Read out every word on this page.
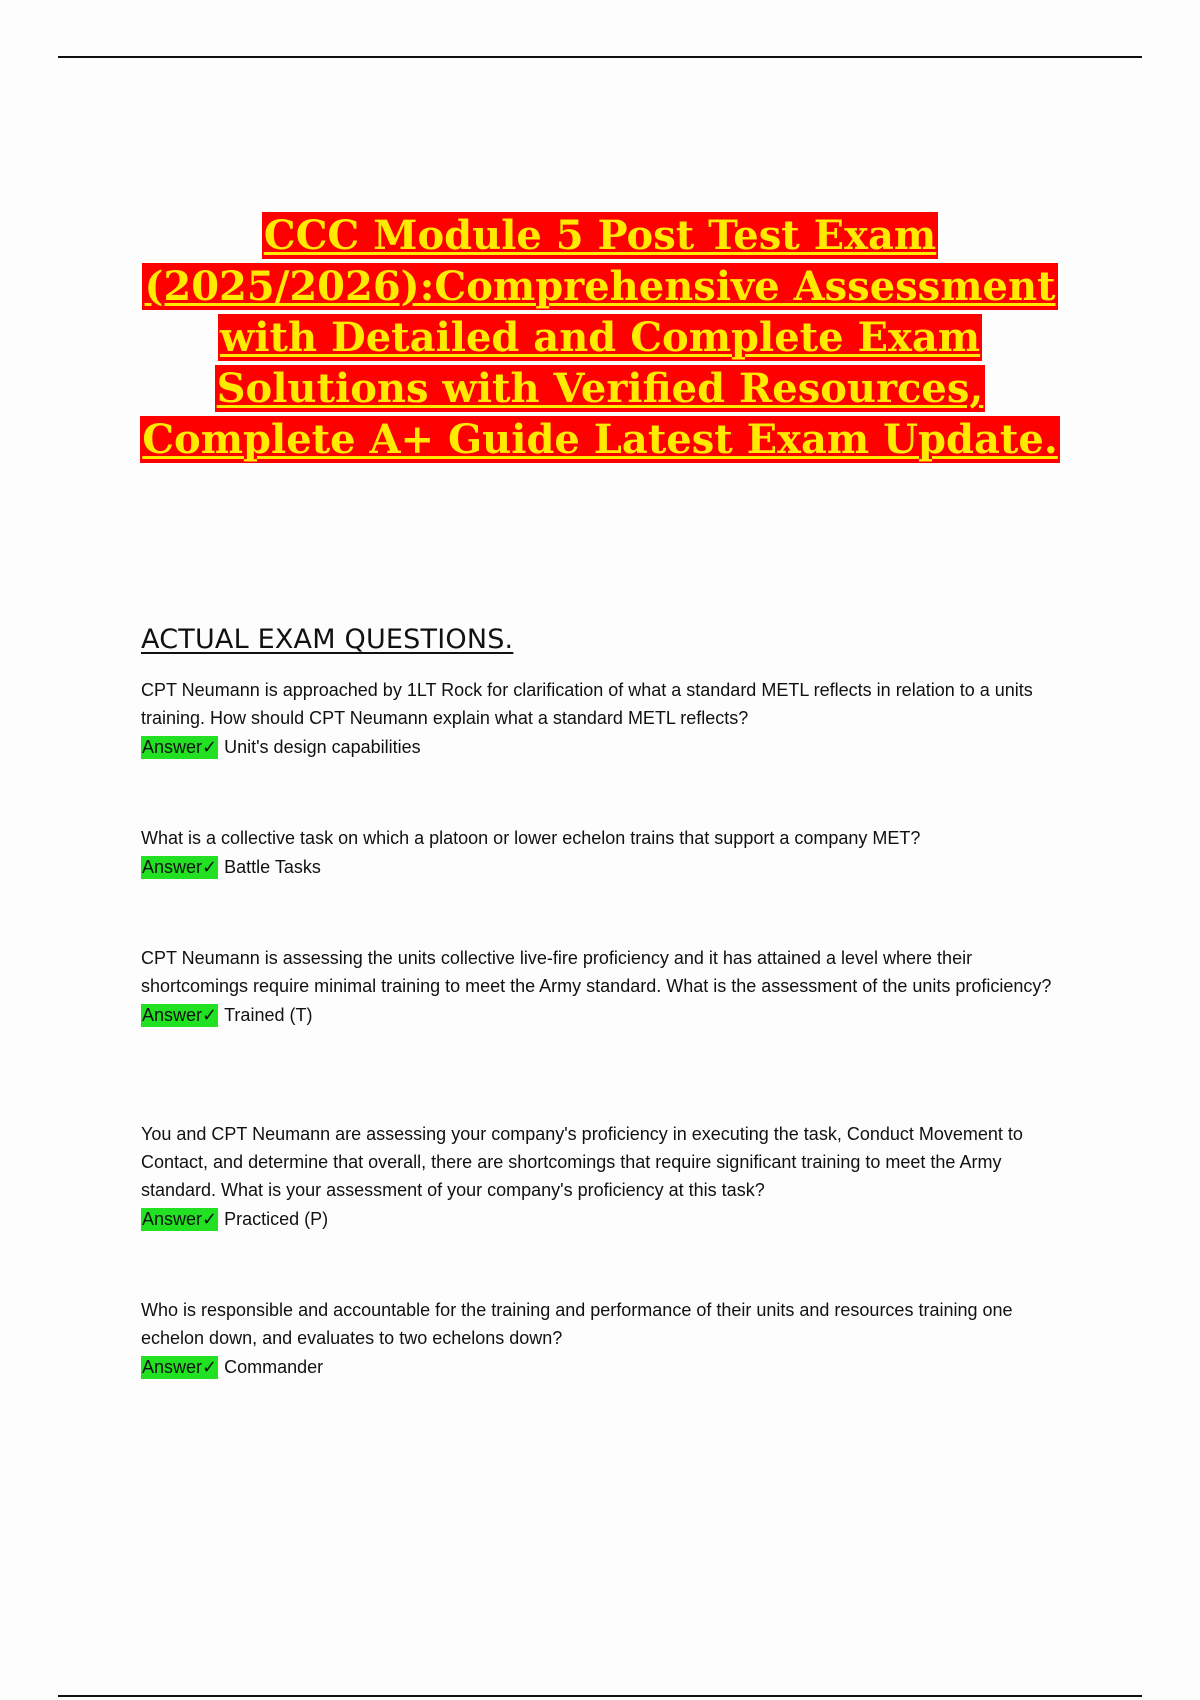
CCC Module 5 Post Test Exam
(2025/2026):Comprehensive Assessment
with Detailed and Complete Exam
Solutions with Verified Resources,
Complete A+ Guide Latest Exam Update.
ACTUAL EXAM QUESTIONS.

CPT Neumann is approached by 1LT Rock for clarification of what a standard METL reflects in relation to a units training. How should CPT Neumann explain what a standard METL reflects?

Answer✓ Unit's design capabilities

What is a collective task on which a platoon or lower echelon trains that support a company MET?

Answer✓ Battle Tasks

CPT Neumann is assessing the units collective live-fire proficiency and it has attained a level where their shortcomings require minimal training to meet the Army standard. What is the assessment of the units proficiency?

Answer✓ Trained (T)

You and CPT Neumann are assessing your company's proficiency in executing the task, Conduct Movement to Contact, and determine that overall, there are shortcomings that require significant training to meet the Army standard. What is your assessment of your company's proficiency at this task?

Answer✓ Practiced (P)

Who is responsible and accountable for the training and performance of their units and resources training one echelon down, and evaluates to two echelons down?

Answer✓ Commander
